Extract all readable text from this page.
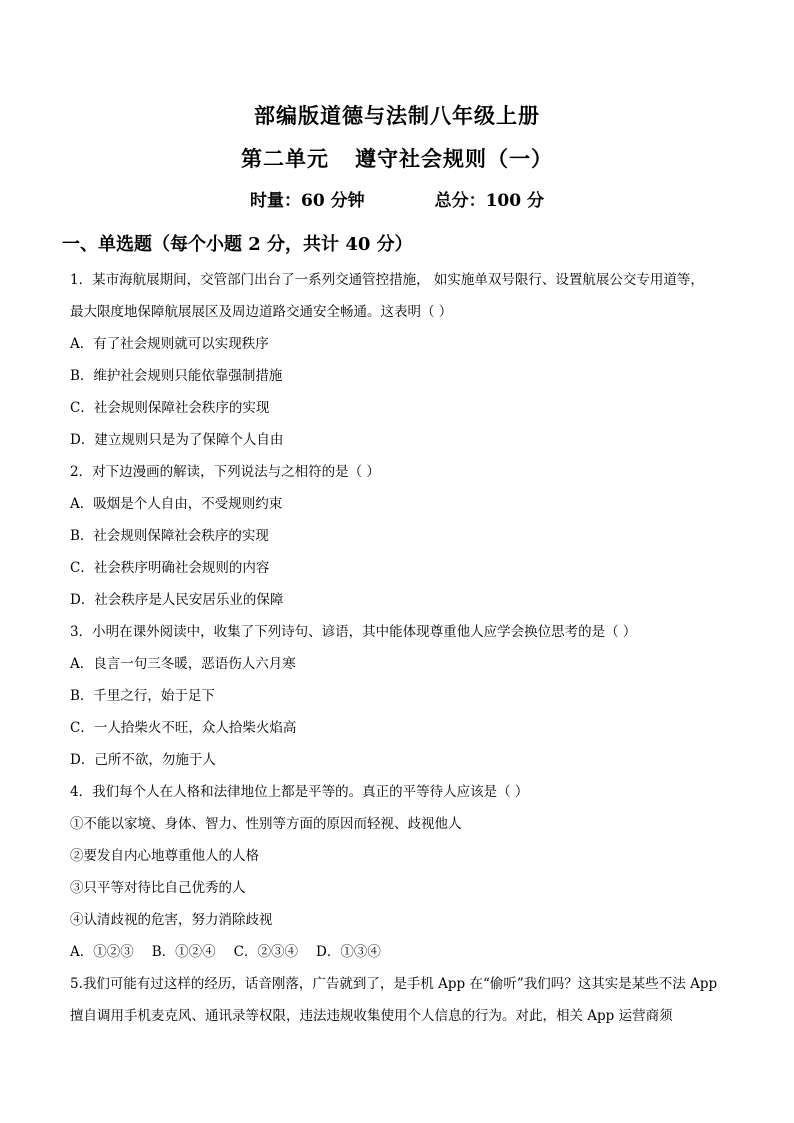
部编版道德与法制八年级上册
第二单元 遵守社会规则（一）
时量：60 分钟	总分：100 分
一、单选题（每个小题 2 分，共计 40 分）
1．某市海航展期间，交管部门出台了一系列交通管控措施， 如实施单双号限行、设置航展公交专用道等，
最大限度地保障航展展区及周边道路交通安全畅通。这表明（ ）
A．有了社会规则就可以实现秩序
B．维护社会规则只能依靠强制措施
C．社会规则保障社会秩序的实现
D．建立规则只是为了保障个人自由
2．对下边漫画的解读，下列说法与之相符的是（ ）
A．吸烟是个人自由，不受规则约束
B．社会规则保障社会秩序的实现
C．社会秩序明确社会规则的内容
D．社会秩序是人民安居乐业的保障
3．小明在课外阅读中，收集了下列诗句、谚语，其中能体现尊重他人应学会换位思考的是（ ）
A．良言一句三冬暖，恶语伤人六月寒
B．千里之行，始于足下
C．一人拾柴火不旺，众人拾柴火焰高
D．己所不欲，勿施于人
4．我们每个人在人格和法律地位上都是平等的。真正的平等待人应该是（ ）
①不能以家境、身体、智力、性别等方面的原因而轻视、歧视他人
②要发自内心地尊重他人的人格
③只平等对待比自己优秀的人
④认清歧视的危害，努力消除歧视
A．①②③ B．①②④ C．②③④ D．①③④
5.我们可能有过这样的经历，话音刚落，广告就到了，是手机 App 在“偷听”我们吗？这其实是某些不法 App
擅自调用手机麦克风、通讯录等权限，违法违规收集使用个人信息的行为。对此，相关 App 运营商须
